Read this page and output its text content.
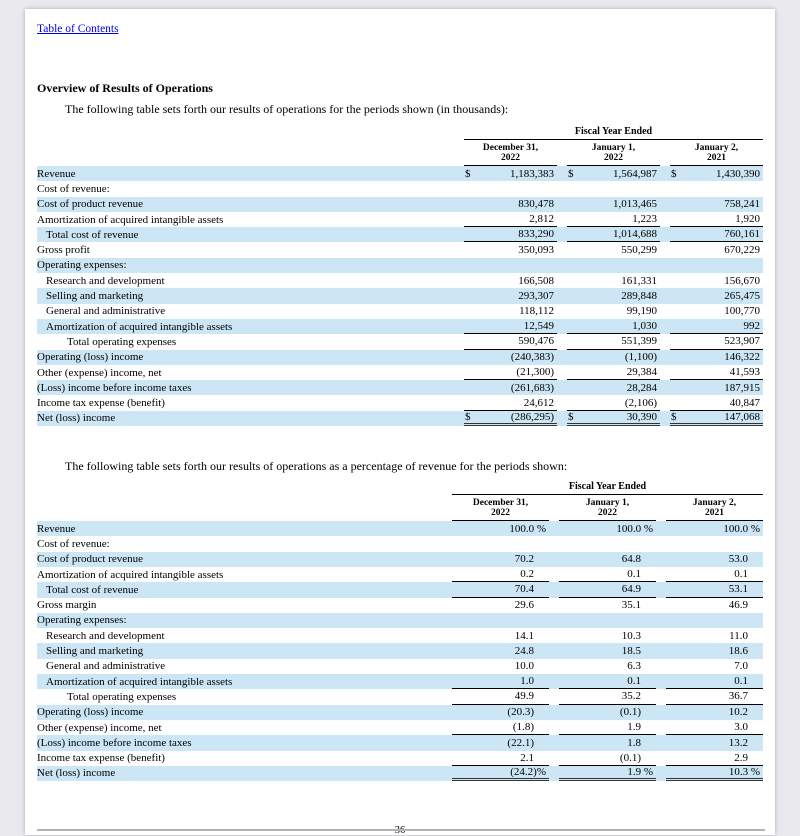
Table of Contents
Overview of Results of Operations

The following table sets forth our results of operations for the periods shown (in thousands):

Fiscal Year Ended
December 31,
2022
January 1,
2022
January 2,
2021
Revenue	$	1,183,383 $	1,564,987 $	1,430,390
Cost of revenue:
Cost of product revenue	830,478	1,013,465	758,241
Amortization of acquired intangible assets	2,812	1,223	1,920
Total cost of revenue	833,290	1,014,688	760,161
Gross profit	350,093	550,299	670,229
Operating expenses:
Research and development	166,508	161,331	156,670
Selling and marketing	293,307	289,848	265,475
General and administrative	118,112	99,190	100,770
Amortization of acquired intangible assets	12,549	1,030	992
Total operating expenses	590,476	551,399	523,907
Operating (loss) income	(240,383)	(1,100)	146,322
Other (expense) income, net	(21,300)	29,384	41,593
(Loss) income before income taxes	(261,683)	28,284	187,915
Income tax expense (benefit)	24,612	(2,106)	40,847
Net (loss) income	$	(286,295) $	30,390 $	147,068

The following table sets forth our results of operations as a percentage of revenue for the periods shown:

Fiscal Year Ended
December 31,
2022
January 1,
2022
January 2,
2021
Revenue	100.0 %	100.0 %	100.0 %
Cost of revenue:
Cost of product revenue	70.2	64.8	53.0
Amortization of acquired intangible assets	0.2	0.1	0.1
Total cost of revenue	70.4	64.9	53.1
Gross margin	29.6	35.1	46.9
Operating expenses:
Research and development	14.1	10.3	11.0
Selling and marketing	24.8	18.5	18.6
General and administrative	10.0	6.3	7.0
Amortization of acquired intangible assets	1.0	0.1	0.1
Total operating expenses	49.9	35.2	36.7
Operating (loss) income	(20.3)	(0.1)	10.2
Other (expense) income, net	(1.8)	1.9	3.0
(Loss) income before income taxes	(22.1)	1.8	13.2
Income tax expense (benefit)	2.1	(0.1)	2.9
Net (loss) income	(24.2)%	1.9 %	10.3 %
